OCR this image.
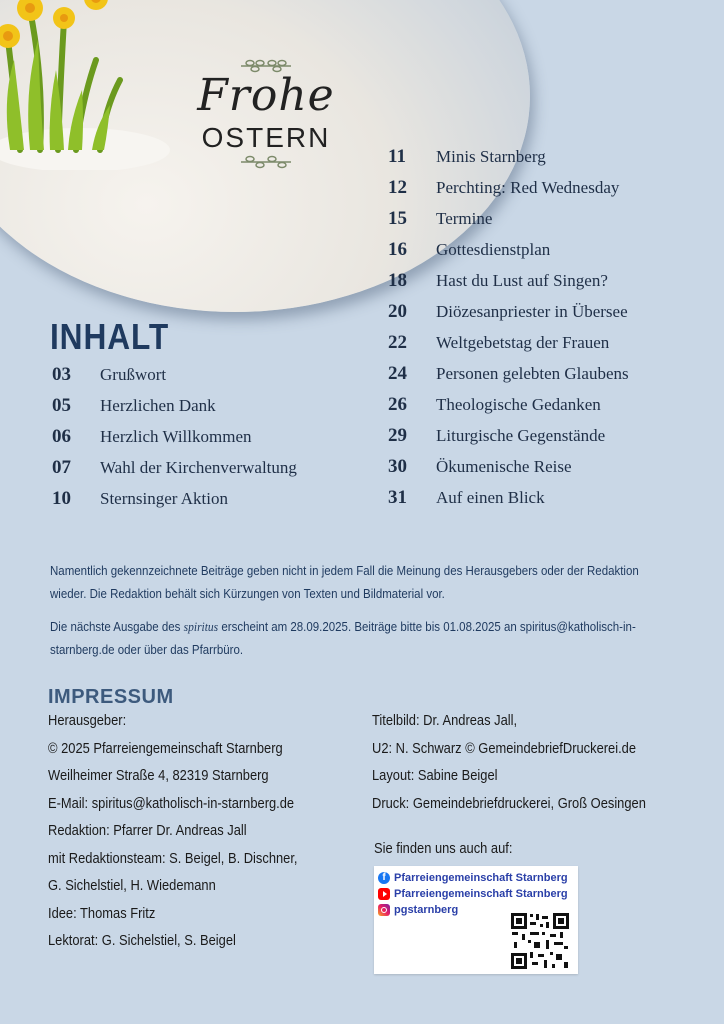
Frohe
OSTERN
INHALT
03	Grußwort
05	Herzlichen Dank
06	Herzlich Willkommen
07	Wahl der Kirchenverwaltung
10	Sternsinger Aktion
11	Minis Starnberg
12	Perchting: Red Wednesday
15	Termine
16	Gottesdienstplan
18	Hast du Lust auf Singen?
20	Diözesanpriester in Übersee
22	Weltgebetstag der Frauen
24	Personen gelebten Glaubens
26	Theologische Gedanken
29	Liturgische Gegenstände
30	Ökumenische Reise
31	Auf einen Blick
Namentlich gekennzeichnete Beiträge geben nicht in jedem Fall die Meinung des Herausgebers oder der Redaktion wieder. Die Redaktion behält sich Kürzungen von Texten und Bildmaterial vor.
Die nächste Ausgabe des spiritus erscheint am 28.09.2025. Beiträge bitte bis 01.08.2025 an spiritus@katholisch-in-starnberg.de oder über das Pfarrbüro.
IMPRESSUM
Herausgeber:
© 2025 Pfarreiengemeinschaft Starnberg
Weilheimer Straße 4, 82319 Starnberg
E-Mail: spiritus@katholisch-in-starnberg.de
Redaktion: Pfarrer Dr. Andreas Jall
mit Redaktionsteam: S. Beigel, B. Dischner,
G. Sichelstiel, H. Wiedemann
Idee: Thomas Fritz
Lektorat: G. Sichelstiel, S. Beigel
Titelbild: Dr. Andreas Jall,
U2: N. Schwarz © GemeindebriefDruckerei.de
Layout: Sabine Beigel
Druck: Gemeindebriefdruckerei, Groß Oesingen
Sie finden uns auch auf:
f Pfarreiengemeinschaft Starnberg
Pfarreiengemeinschaft Starnberg
pgstarnberg
